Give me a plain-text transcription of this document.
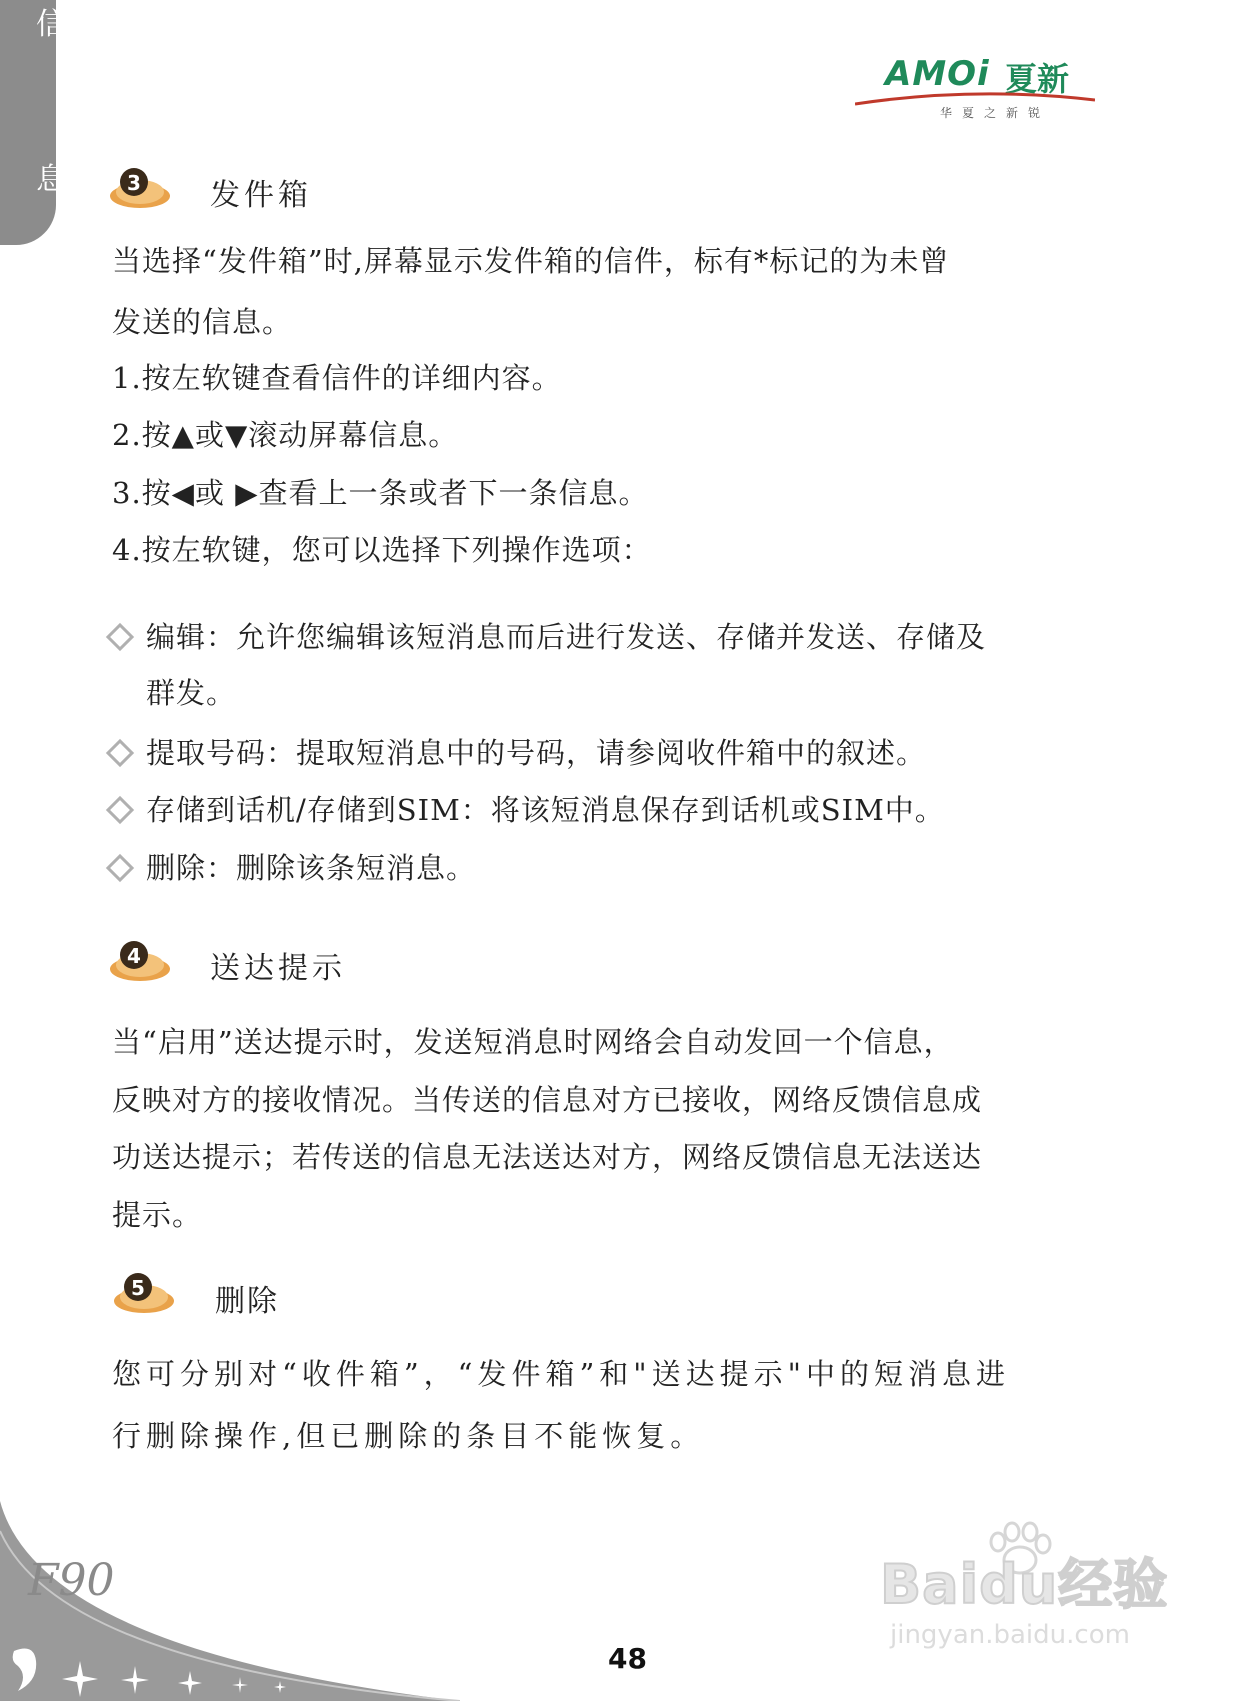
信
息
AMOi 夏新
华夏之新锐
3 发件箱
当选择“发件箱”时,屏幕显示发件箱的信件，标有*标记的为未曾
发送的信息。
1.按左软键查看信件的详细内容。
2.按▲或▼滚动屏幕信息。
3.按◀或 ▶查看上一条或者下一条信息。
4.按左软键，您可以选择下列操作选项：
编辑：允许您编辑该短消息而后进行发送、存储并发送、存储及
群发。
提取号码：提取短消息中的号码，请参阅收件箱中的叙述。
存储到话机/存储到SIM：将该短消息保存到话机或SIM中。
删除：删除该条短消息。
4 送达提示
当“启用”送达提示时，发送短消息时网络会自动发回一个信息，
反映对方的接收情况。当传送的信息对方已接收，网络反馈信息成
功送达提示；若传送的信息无法送达对方，网络反馈信息无法送达
提示。
5 删除
您可分别对“收件箱”，“发件箱”和"送达提示"中的短消息进
行删除操作,但已删除的条目不能恢复。
F90
48
Baidu经验
jingyan.baidu.com
